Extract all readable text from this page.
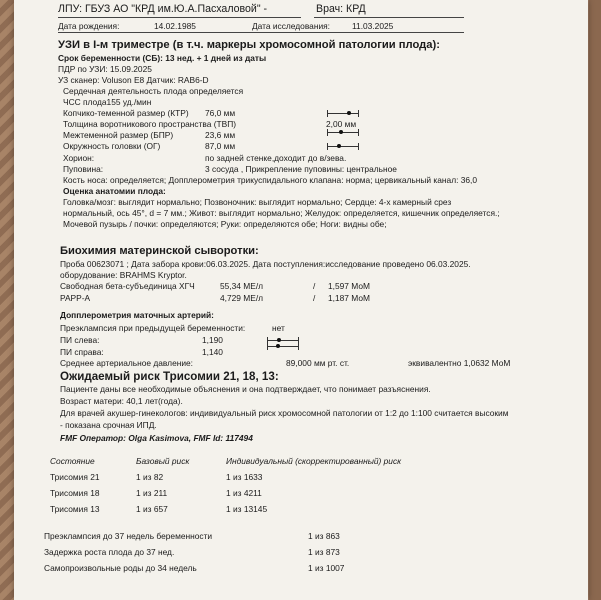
ЛПУ: ГБУЗ АО "КРД им.Ю.А.Пасхаловой" -	Врач: КРД
Дата рождения:	14.02.1985	Дата исследования:	11.03.2025
УЗИ в I-м триместре (в т.ч. маркеры хромосомной патологии плода):
Срок беременности (СБ): 13 нед. + 1 дней из даты
ПДР по УЗИ: 15.09.2025
УЗ сканер: Voluson E8 Датчик: RAB6-D
Сердечная деятельность плода определяется
ЧСС плода155 уд./мин
Копчико-теменной размер (КТР) 76,0 мм
Толщина воротникового пространства (ТВП)	2,00 мм
Межтеменной размер (БПР)	23,6 мм
Окружность головки (ОГ)	87,0 мм
Хорион:	по задней стенке,доходит до в/зева.
Пуповина:	3 сосуда , Прикрепление пуповины: центральное
Кость носа: определяется; Допплерометрия трикуспидального клапана: норма; цервикальный канал: 36,0
Оценка анатомии плода:
Головка/мозг: выглядит нормально; Позвоночник: выглядит нормально; Сердце: 4-х камерный срез
нормальный, ось 45°, d = 7 мм.; Живот: выглядит нормально; Желудок: определяется, кишечник определяется.;
Мочевой пузырь / почки: определяются; Руки: определяются обе; Ноги: видны обе;
Биохимия материнской сыворотки:
Проба 00623071 ; Дата забора крови:06.03.2025. Дата поступления:исследование проведено 06.03.2025.
оборудование: BRAHMS Kryptor.
Свободная бета-субъединица ХГЧ	55,34 МЕ/л	/ 1,597 МоМ
PAPP-A	4,729 МЕ/л	/ 1,187 МоМ
Допплерометрия маточных артерий:
Преэклампсия при предыдущей беременности:	нет
ПИ слева:	1,190
ПИ справа:	1,140
Среднее артериальное давление:	89,000 мм рт. ст.	эквивалентно 1,0632 МоМ
Ожидаемый риск Трисомии 21, 18, 13:
Пациенте даны все необходимые объяснения и она подтверждает, что понимает разъяснения.
Возраст матери: 40,1 лет(года).
Для врачей акушер-гинекологов: индивидуальный риск хромосомной патологии от 1:2 до 1:100 считается высоким
- показана срочная ИПД.
FMF Оператор: Olga Kasimova, FMF Id: 117494
Состояние	Базовый риск	Индивидуальный (скорректированный) риск
Трисомия 21	1 из 82	1 из 1633
Трисомия 18	1 из 211	1 из 4211
Трисомия 13	1 из 657	1 из 13145
Преэклампсия до 37 недель беременности	1 из 863
Задержка роста плода до 37 нед.	1 из 873
Самопроизвольные роды до 34 недель	1 из 1007
